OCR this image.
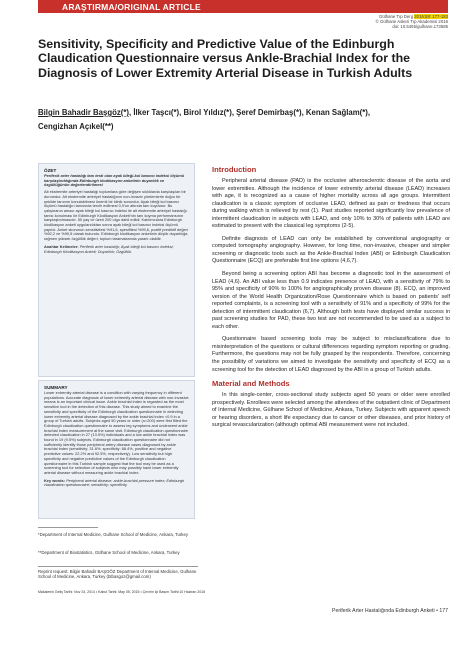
ARAŞTIRMA/ORIGINAL ARTICLE
Gülhane Tıp Derg 2016;58: 177-183
© Gülhane Askeri Tıp Akademisi 2016
doi: 10.5455/gulhane.173585
Sensitivity, Specificity and Predictive Value of the Edinburgh Claudication Questionnaire versus Ankle-Brachial Index for the Diagnosis of Lower Extremity Arterial Disease in Turkish Adults
Bilgin Bahadir Başgöz(*), İlker Taşcı(*), Birol Yıldız(*), Şeref Demirbaş(*), Kenan Sağlam(*),
Cengizhan Açıkel(**)
ÖZET
Periferik arter hastalığı tanı testi olan ayak bileği-kol basıncı indeksi ölçümü karşılaştırıldığında Edinburgh klodikasyon anketinin duyarlılık ve özgüllüğünün değerlendirilmesi
Alt ekstremite arteriyel hastalığı toplumlara göre değişen sıklıklarda karşılaşılan bir durumdur. Alt ekstremite arteriyel hastalığının non-invaziv yöntemlerle doğru bir şekilde tanınım konulabilmesi önemli bir klinik sorundur. Ayak bileği kol basıncı ölçümü hastalığın tanısında tercih edilmesi 0,9'un altında tanı koydurur. Bu çalışmanın amacı ayak bileği kol basıncı indeksi ile alt ekstremite arteriyel hastalığı tanısı konulması ile Edinburgh Klodikasyon Anketi'nin tanı koyma performansının karşılaştırılmasıdır. 50 yaş ve üzeri 200 olgu dahil edildi. Katılımcılara Edinburgh klodikasyon anketi uygulandıktan sonra ayak bileği kol basıncı indeksi ölçümü yapıldı. Anket skorunun sensitivitesi %91,6, spesifitesi %99,6, pozitif prediktif değeri %92,2 ve %99,5 olarak bulundu. Edinburgh klodikasyon anketinin düşük duyarlılığa rağmen yüksek özgüllük değeri, toplum taramalarında yararlı olabilir.
Anahtar Kelimeler: Periferik arter hastalığı; Ayak bileği kol basıncı indeksi; Edinburgh Klodikasyon Anketi; Duyarlılık; Özgüllük.
SUMMARY
Lower extremity arterial disease is a condition with varying frequency in different populations. Accurate diagnosis of lower extremity arterial disease with non-invasive means is an important clinical issue. Ankle brachial index is regarded as the most sensitive tool in the detection of this disease. This study aimed to examine the sensitivity and specificity of the Edinburgh claudication questionnaire in detecting lower extremity arterial disease diagnosed by the ankle brachial index <0.9 in a group of Turkish adults. Subjects aged 50 years or older (n=200) were first filled the Edinburgh claudication questionnaire to assess leg symptoms and underwent ankle brachial index measurement at the same visit. Edinburgh claudication questionnaire detected claudication in 27 (13.5%) individuals and a low ankle brachial index was found in 19 (9.5%) subjects. Edinburgh claudication questionnaire did not sufficiently identify those peripheral artery disease cases diagnosed by ankle brachial index (sensitivity: 31.6%, specificity: 88.4%, positive and negative predictive values: 22.2% and 92.5%, respectively). Low sensitivity but high specificity and negative predictive values of the Edinburgh claudication questionnaire in this Turkish sample suggest that the tool may be used as a screening tool for selection of subjects who may possibly have lower extremity arterial disease without measuring ankle brachial index.
Key words: Peripheral arterial disease; ankle-brachial pressure index; Edinburgh claudication questionnaire; sensitivity; specificity
*Department of Internal Medicine, Gulhane School of Medicine, Ankara, Turkey
**Department of Biostatistics, Gülhane School of Medicine, Ankara, Turkey
Reprint request: Bilgin Bahadir BAŞGÖZ Department of Internal Medicine, Gulhane School of Medicine, Ankara, Turkey (btbasgoz@gmail.com)
Makalenin Geliş Tarihi: Nov 24, 2014 • Kabul Tarihi: May 05, 2015 • Çevrim İçi Basım Tarihi:10 Haziran 2016
Introduction

Peripheral arterial disease (PAD) is the occlusive atherosclerotic disease of the aorta and lower extremities. Although the incidence of lower extremity arterial disease (LEAD) increases with age, it is recognized as a cause of higher mortality across all age groups. Intermittent claudication is a classic symptom of occlusive LEAD, defined as pain or tiredness that occurs during walking which is relieved by rest (1). Past studies reported significantly low prevalence of intermittent claudication in subjects with LEAD, and only 10% to 30% of patients with LEAD are estimated to present with the classical leg symptoms (2-5).

Definite diagnosis of LEAD can only be established by conventional angiography or computed tomography angiography. However, for long time, non-invasive, cheaper and simpler screening or diagnostic tools such as the Ankle-Brachial Index (ABI) or Edinburgh Claudication Questionnaire (ECQ) are preferable first line options (4,6,7).

Beyond being a screening option ABI has become a diagnostic tool in the assessment of LEAD (4,6). An ABI value less than 0.9 indicates presence of LEAD, with a sensitivity of 79% to 95% and specificity of 90% to 100% for angiographically proven disease (8). ECQ, an improved version of the World Health Organization/Rose Questionnaire which is based on patients' self reported complaints, is a screening tool with a sensitivity of 91% and a specificity of 99% for the detection of intermittent claudication (6,7). Although both tests have displayed similar success in past screening studies for PAD, these two test are not recommended to be used as a subject to each other.

Questionnaire based screening tools may be subject to misclassifications due to misinterpretation of the questions or cultural differences regarding symptom reporting or grading. Furthermore, the questions may not be fully grasped by the respondents. Therefore, concerning the possibility of variations we aimed to investigate the sensitivity and specificity of ECQ as a screening tool for the detection of LEAD diagnosed by the ABI in a group of Turkish adults.

Material and Methods

In this single-center, cross-sectional study subjects aged 50 years or older were enrolled prospectively. Enrollees were selected among the attendees of the outpatient clinic of Department of Internal Medicine, Gülhane School of Medicine, Ankara, Turkey. Subjects with apparent speech or hearing disorders, a short life expectancy due to cancer or other diseases, and prior history of surgical revascularization (although optimal ABI measurement were not included.

Periferik Arter Hastalığında Edinburgh Anketi • 177
